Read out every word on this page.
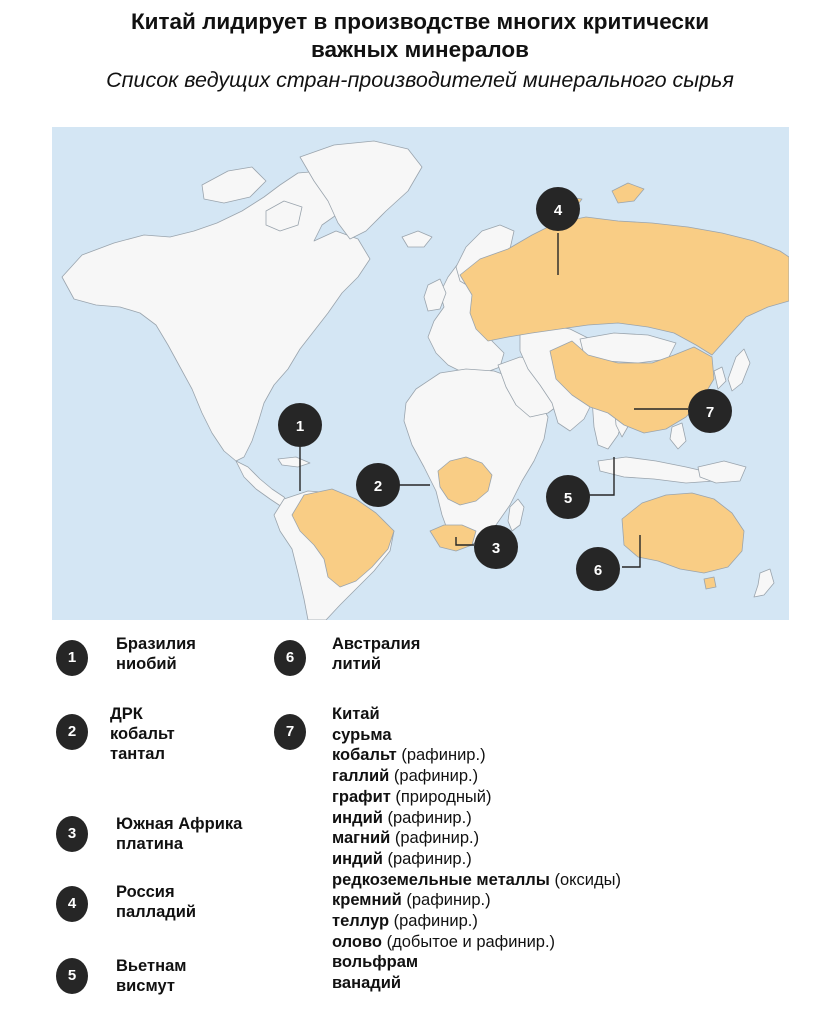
Китай лидирует в производстве многих критически
важных минералов
Список ведущих стран-производителей минерального сырья
1
2
3
4
5
6
7
1
Бразилия
ниобий
2
ДРК
кобальт
тантал
3
Южная Африка
платина
4
Россия
палладий
5
Вьетнам
висмут
6
Австралия
литий
7
Китай
сурьма
кобальт (рафинир.)
галлий (рафинир.)
графит (природный)
индий (рафинир.)
магний (рафинир.)
индий (рафинир.)
редкоземельные металлы (оксиды)
кремний (рафинир.)
теллур (рафинир.)
олово (добытое и рафинир.)
вольфрам
ванадий
